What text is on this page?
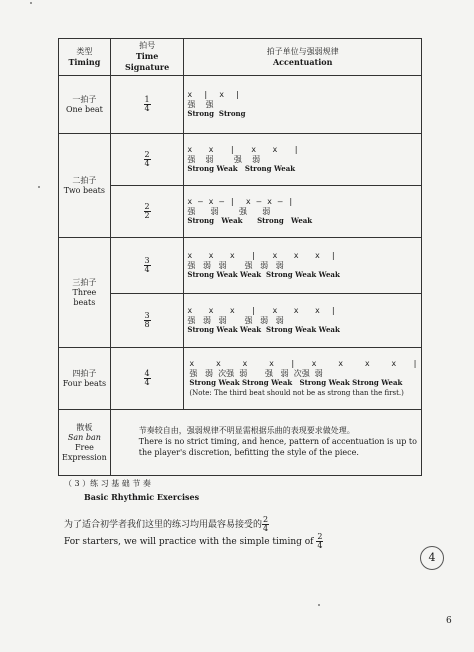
类型
Timing	拍号
Time Signature	拍子单位与强弱规律
Accentuation
一拍子
One beat	$\frac{1}{4}$	x  |  x  |
强    强
Strong  Strong

二拍子
Two beats	$\frac{2}{4}$	x   x   |   x   x   |
强    弱        强    弱
Strong Weak   Strong Weak

	$\frac{2}{2}$	x — x — |  x — x — |
强      弱        强      弱
Strong   Weak      Strong   Weak

三拍子
Three beats	$\frac{3}{4}$	x   x   x   |   x   x   x  |
强   弱   弱       强   弱   弱
Strong Weak Weak  Strong Weak Weak

	$\frac{3}{8}$	x   x   x   |   x   x   x  |
强   弱   弱       强   弱   弱
Strong Weak Weak  Strong Weak Weak

四拍子
Four beats	$\frac{4}{4}$	x    x    x    x   |   x    x    x    x   |
强   弱  次强  弱       强   弱  次强  弱
Strong Weak Strong Weak   Strong Weak Strong Weak
(Note: The third beat should not be as strong than the first.)

散板
San ban
Free
Expression	节奏较自由，强弱规律不明显需根据乐曲的表现要求做处理。
There is no strict timing, and hence, pattern of accentuation is up to the player's discretion, befitting the style of the piece.	
（ 3 ）练 习 基 础 节 奏
Basic Rhythmic Exercises
为了适合初学者我们这里的练习均用最容易接受的 $\frac{2}{4}$

For starters, we will practice with the simple timing of $\frac{2}{4}$
4
6
